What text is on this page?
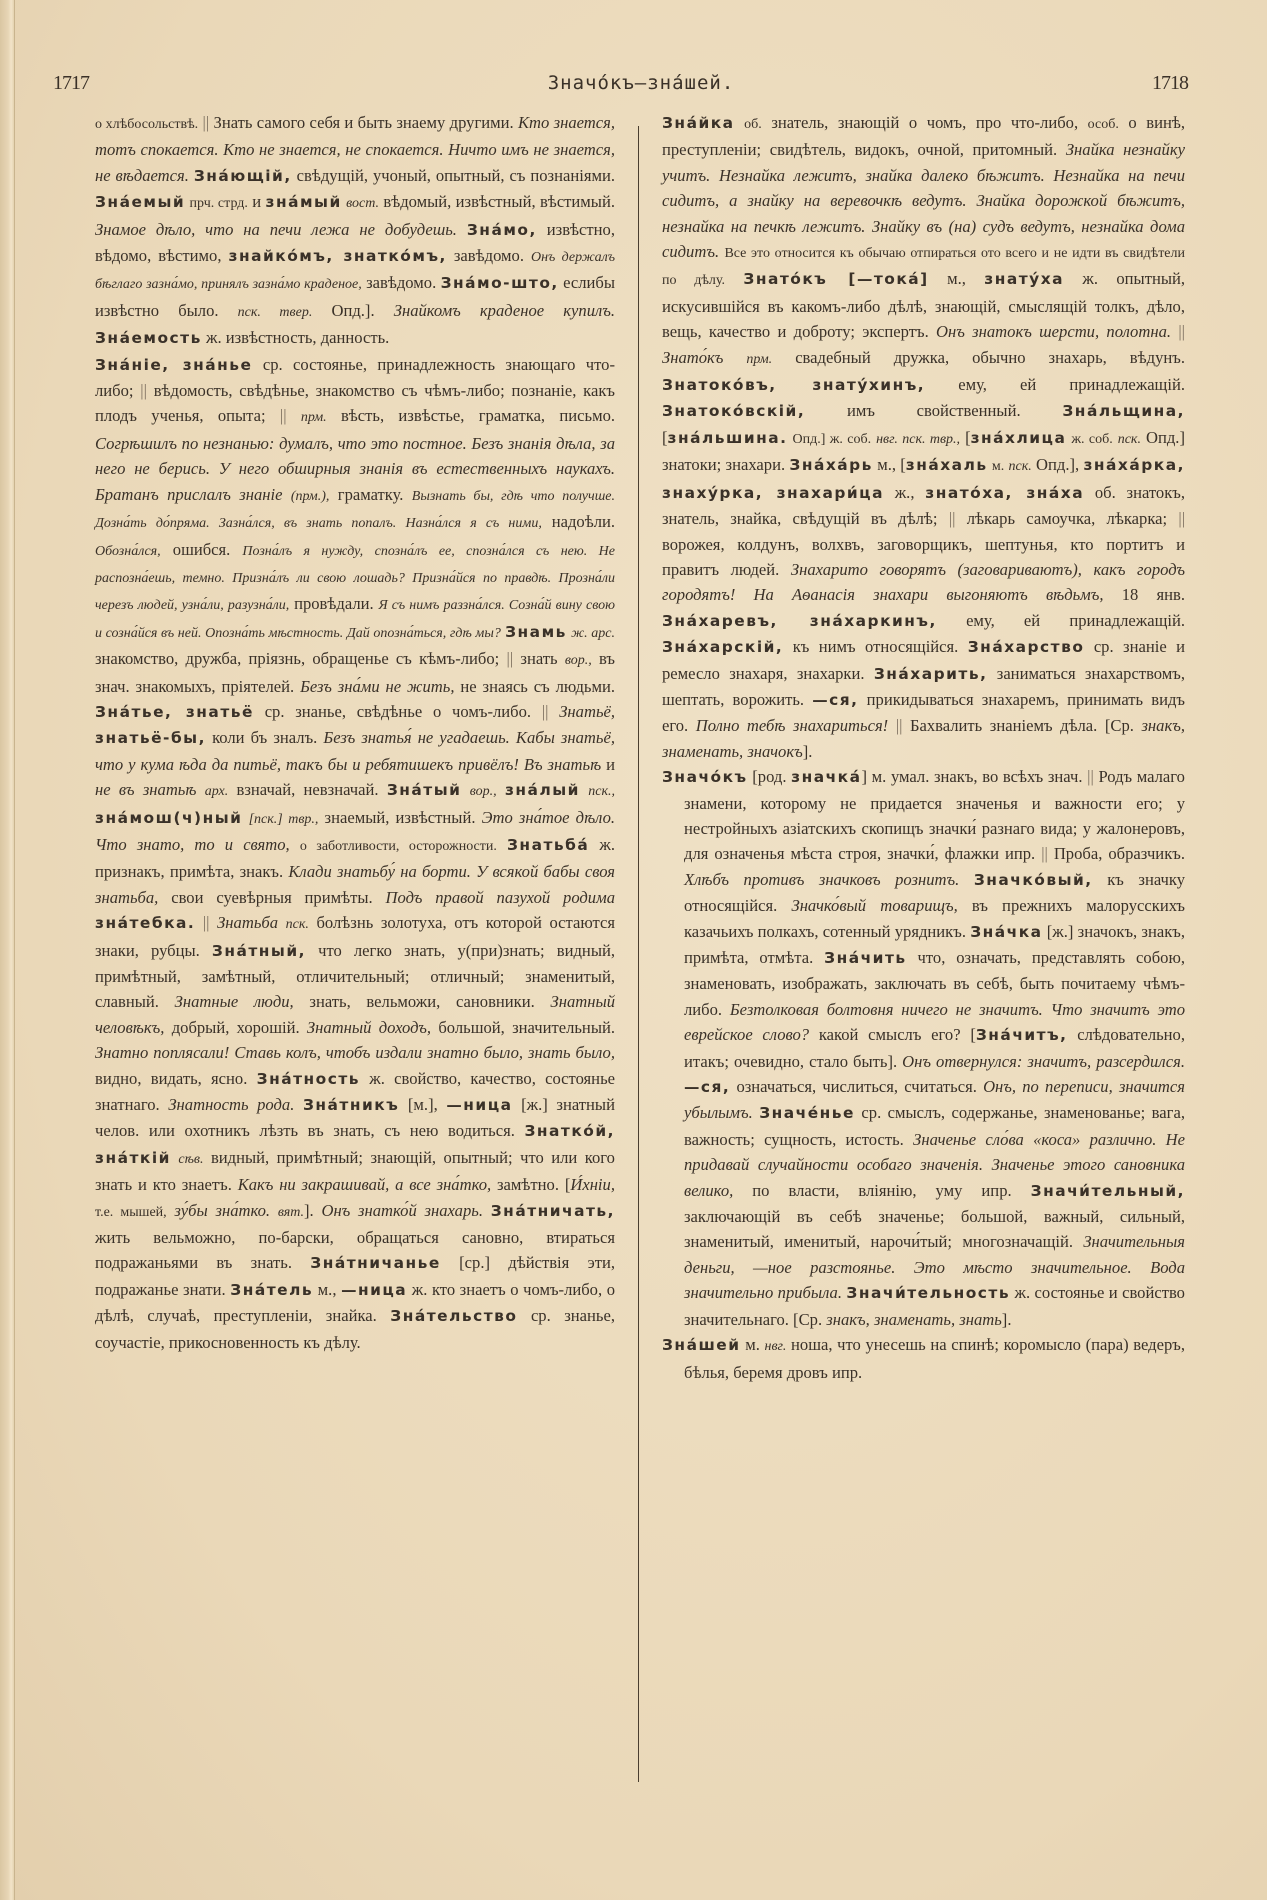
1717	Значо́къ—зна́шей.	1718

о хлѣбосольствѣ. || Знать самого себя и быть знаему другими. Кто знается, тотъ спокается. Кто не знается, не спокается. Ничто имъ не знается, не вѣдается. Зна́ющій, свѣдущій, учоный, опытный, съ познаніями. Зна́емый прч. стрд. и зна́мый вост. вѣдомый, извѣстный, вѣстимый. Знамое дѣло, что на печи лежа не добудешь. Зна́мо, извѣстно, вѣдомо, вѣстимо, знайко́мъ, знатко́мъ, завѣдомо. Онъ держалъ бѣглаго зазна́мо, принялъ зазна́мо краденое, завѣдомо. Зна́мо-што, еслибы извѣстно было. пск. твер. Опд.]. Знайкомъ краденое купилъ. Зна́емость ж. извѣстность, данность.

Зна́ніе, зна́нье ср. состоянье, принадлежность знающаго что-либо; || вѣдомость, свѣдѣнье, знакомство съ чѣмъ-либо; познаніе, какъ плодъ ученья, опыта; || прм. вѣсть, извѣстье, граматка, письмо. Согрѣшилъ по незнанью: думалъ, что это постное. Безъ знанія дѣла, за него не берись. У него обширныя знанія въ естественныхъ наукахъ. Братанъ прислалъ знаніе (прм.), граматку. Вызнать бы, гдѣ что получше. Дозна́ть до́пряма. Зазна́лся, въ знать попалъ. Назна́лся я съ ними, надоѣли. Обозна́лся, ошибся. Позна́лъ я нужду, спозна́лъ ее, спозна́лся съ нею. Не распозна́ешь, темно. Призна́лъ ли свою лошадь? Призна́йся по правдѣ. Прозна́ли черезъ людей, узна́ли, разузна́ли, провѣдали. Я съ нимъ раззна́лся. Созна́й вину свою и созна́йся въ ней. Опозна́ть мѣстность. Дай опозна́ться, гдѣ мы? Знамь ж. арс. знакомство, дружба, пріязнь, обращенье съ кѣмъ-либо; || знать вор., въ знач. знакомыхъ, пріятелей. Безъ зна́ми не жить, не знаясь съ людьми. Зна́тье, знатьё ср. знанье, свѣдѣнье о чомъ-либо. || Знатьё, знатьё-бы, коли бъ зналъ. Безъ знатья́ не угадаешь. Кабы знатьё, что у кума ѣда да питьё, такъ бы и ребятишекъ привёлъ! Въ знатьѣ и не въ знатьѣ арх. взначай, невзначай. Зна́тый вор., зна́лый пск., зна́мош(ч)ный [пск.] твр., знаемый, извѣстный. Это зна́тое дѣло. Что знато, то и свято, о заботливости, осторожности. Знатьба́ ж. признакъ, примѣта, знакъ. Клади знатьбу́ на борти. У всякой бабы своя знатьба, свои суевѣрныя примѣты. Подъ правой пазухой родима зна́тебка. || Знатьба пск. болѣзнь золотуха, отъ которой остаются знаки, рубцы. Зна́тный, что легко знать, у(при)знать; видный, примѣтный, замѣтный, отличительный; отличный; знаменитый, славный. Знатные люди, знать, вельможи, сановники. Знатный человѣкъ, добрый, хорошій. Знатный доходъ, большой, значительный. Знатно поплясали! Ставь колъ, чтобъ издали знатно было, знать было, видно, видать, ясно. Зна́тность ж. свойство, качество, состоянье знатнаго. Знатность рода. Зна́тникъ [м.], —ница [ж.] знатный челов. или охотникъ лѣзть въ знать, съ нею водиться. Знатко́й, зна́ткій сѣв. видный, примѣтный; знающій, опытный; что или кого знать и кто знаетъ. Какъ ни закрашивай, а все зна́тко, замѣтно. [И́хніи, т.е. мышей, зу́бы зна́тко. вят.]. Онъ знатко́й знахарь. Зна́тничать, жить вельможно, по-барски, обращаться сановно, втираться подражаньями въ знать. Зна́тничанье [ср.] дѣйствія эти, подражанье знати. Зна́тель м., —ница ж. кто знаетъ о чомъ-либо, о дѣлѣ, случаѣ, преступленіи, знайка. Зна́тельство ср. знанье, соучастіе, прикосновенность къ дѣлу.

Зна́йка об. знатель, знающій о чомъ, про что-либо, особ. о винѣ, преступленіи; свидѣтель, видокъ, очной, притомный. Знайка незнайку учитъ. Незнайка лежитъ, знайка далеко бѣжитъ. Незнайка на печи сидитъ, а знайку на веревочкѣ ведутъ. Знайка дорожкой бѣжитъ, незнайка на печкѣ лежитъ. Знайку въ (на) судъ ведутъ, незнайка дома сидитъ. Все это относится къ обычаю отпираться ото всего и не идти въ свидѣтели по дѣлу. Знато́къ [—тока́] м., знату́ха ж. опытный, искусившійся въ какомъ-либо дѣлѣ, знающій, смыслящій толкъ, дѣло, вещь, качество и доброту; экспертъ. Онъ знатокъ шерсти, полотна. || Знато́къ прм. свадебный дружка, обычно знахарь, вѣдунъ. Знатоко́въ, знату́хинъ, ему, ей принадлежащій. Знатоко́вскій,	имъ свойственный.	Зна́льщина, [зна́льшина. Опд.] ж. соб. нвг. пск. твр., [зна́хлица ж. соб. пск. Опд.] знатоки; знахари. Зна́ха́рь м., [зна́халь м. пск. Опд.], зна́ха́рка, знаху́рка, знахари́ца ж., знато́ха, зна́ха об. знатокъ, знатель, знайка, свѣдущій въ дѣлѣ; || лѣкарь самоучка, лѣкарка; || ворожея, колдунъ, волхвъ, заговорщикъ, шептунья, кто портитъ и правитъ людей. Знахарито говорятъ (заговариваютъ), какъ городъ городятъ! На Аѳанасія знахари выгоняютъ вѣдьмъ, 18 янв. Зна́харевъ, зна́харкинъ, ему, ей принадлежащій. Зна́харскій, къ нимъ относящійся. Зна́харство ср. знаніе и ремесло знахаря, знахарки. Зна́харить, заниматься знахарствомъ, шептать, ворожить. —ся, прикидываться знахаремъ, принимать видъ его. Полно тебѣ знахариться! || Бахвалить знаніемъ дѣла. [Ср. знакъ, знаменать, значокъ].

Значо́къ [род. значка́] м. умал. знакъ, во всѣхъ знач. || Родъ малаго знамени, которому не придается значенья и важности его; у нестройныхъ азіатскихъ скопищъ значки́ разнаго вида; у жалонеровъ, для означенья мѣста строя, значки́, флажки ипр. || Проба, образчикъ. Хлѣбъ противъ значковъ рознитъ. Значко́вый, къ значку относящійся. Значко́вый товарищъ, въ прежнихъ малорусскихъ казачьихъ полкахъ, сотенный урядникъ. Зна́чка [ж.] значокъ, знакъ, примѣта, отмѣта. Зна́чить что, означать, представлять собою, знаменовать, изображать, заключать въ себѣ, быть почитаему чѣмъ-либо. Безтолковая болтовня ничего не значитъ. Что значитъ это еврейское слово? какой смыслъ его? [Зна́читъ, слѣдовательно, итакъ; очевидно, стало быть]. Онъ отвернулся: значитъ, разсердился. —ся, означаться, числиться, считаться. Онъ, по переписи, значится убылымъ. Значе́нье ср. смыслъ, содержанье, знаменованье; вага, важность; сущность, истость. Значенье сло́ва «коса» различно. Не придавай случайности особаго значенія. Значенье этого сановника велико, по власти, вліянію, уму ипр. Значи́тельный, заключающій въ себѣ значенье; большой, важный, сильный, знаменитый, именитый, нарочи́тый; многозначащій. Значительныя деньги, —ное разстоянье. Это мѣсто значительное. Вода значительно прибыла. Значи́тельность ж. состоянье и свойство значительнаго. [Ср. знакъ, знаменать, знать].

Зна́шей м. нвг. ноша, что унесешь на спинѣ; коромысло (пара) ведеръ, бѣлья, беремя дровъ ипр.
